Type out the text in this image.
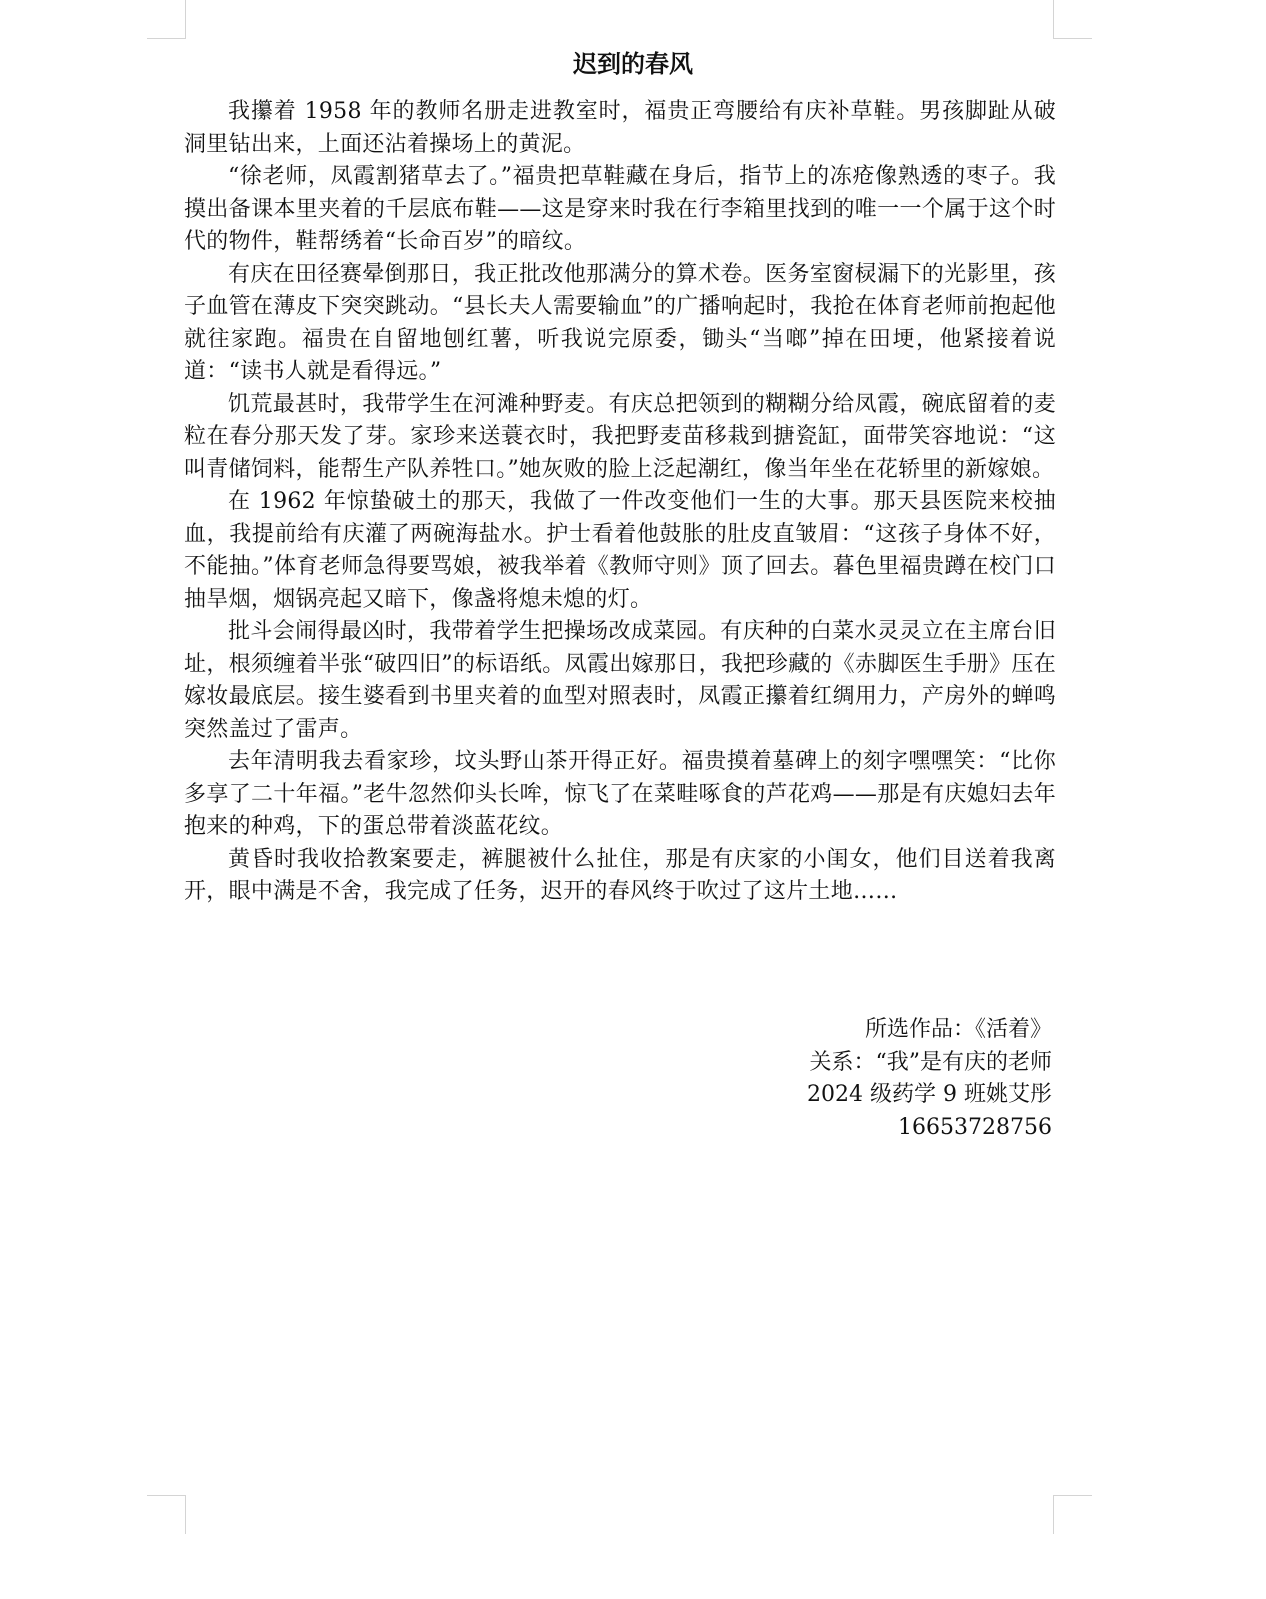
迟到的春风

我攥着 1958 年的教师名册走进教室时，福贵正弯腰给有庆补草鞋。男孩脚趾从破洞里钻出来，上面还沾着操场上的黄泥。

“徐老师，凤霞割猪草去了。”福贵把草鞋藏在身后，指节上的冻疮像熟透的枣子。我摸出备课本里夹着的千层底布鞋——这是穿来时我在行李箱里找到的唯一一个属于这个时代的物件，鞋帮绣着“长命百岁”的暗纹。

有庆在田径赛晕倒那日，我正批改他那满分的算术卷。医务室窗棂漏下的光影里，孩子血管在薄皮下突突跳动。“县长夫人需要输血”的广播响起时，我抢在体育老师前抱起他就往家跑。福贵在自留地刨红薯，听我说完原委，锄头“当啷”掉在田埂，他紧接着说道：“读书人就是看得远。”

饥荒最甚时，我带学生在河滩种野麦。有庆总把领到的糊糊分给凤霞，碗底留着的麦粒在春分那天发了芽。家珍来送蓑衣时，我把野麦苗移栽到搪瓷缸，面带笑容地说：“这叫青储饲料，能帮生产队养牲口。”她灰败的脸上泛起潮红，像当年坐在花轿里的新嫁娘。

在 1962 年惊蛰破土的那天，我做了一件改变他们一生的大事。那天县医院来校抽血，我提前给有庆灌了两碗海盐水。护士看着他鼓胀的肚皮直皱眉：“这孩子身体不好，不能抽。”体育老师急得要骂娘，被我举着《教师守则》顶了回去。暮色里福贵蹲在校门口抽旱烟，烟锅亮起又暗下，像盏将熄未熄的灯。

批斗会闹得最凶时，我带着学生把操场改成菜园。有庆种的白菜水灵灵立在主席台旧址，根须缠着半张“破四旧”的标语纸。凤霞出嫁那日，我把珍藏的《赤脚医生手册》压在嫁妆最底层。接生婆看到书里夹着的血型对照表时，凤霞正攥着红绸用力，产房外的蝉鸣突然盖过了雷声。

去年清明我去看家珍，坟头野山茶开得正好。福贵摸着墓碑上的刻字嘿嘿笑：“比你多享了二十年福。”老牛忽然仰头长哞，惊飞了在菜畦啄食的芦花鸡——那是有庆媳妇去年抱来的种鸡，下的蛋总带着淡蓝花纹。

黄昏时我收拾教案要走，裤腿被什么扯住，那是有庆家的小闺女，他们目送着我离开，眼中满是不舍，我完成了任务，迟开的春风终于吹过了这片土地……

所选作品：《活着》
关系：“我”是有庆的老师
2024 级药学 9 班姚艾彤
16653728756
